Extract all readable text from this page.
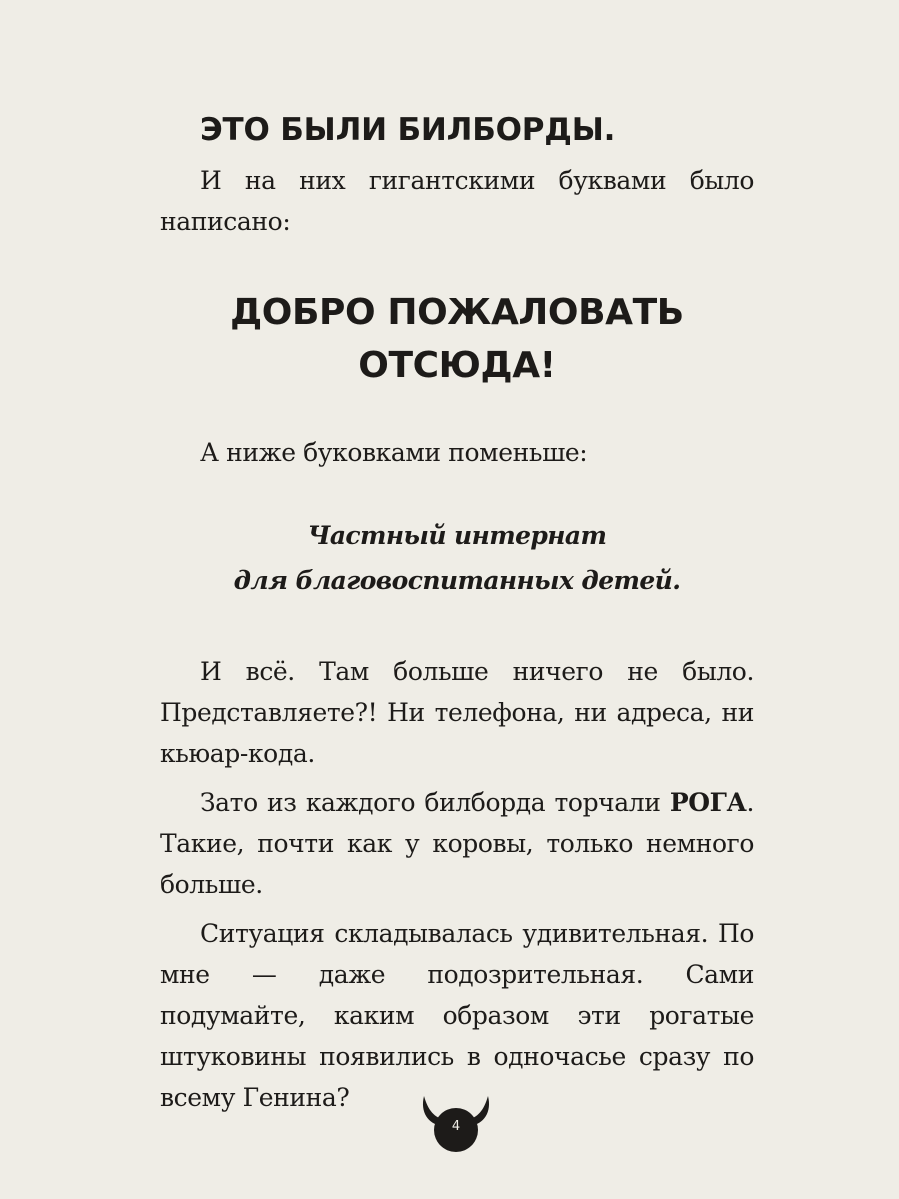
ЭТО БЫЛИ БИЛБОРДЫ.

И на них гигантскими буквами было написано:

ДОБРО ПОЖАЛОВАТЬ
ОТСЮДА!

А ниже буковками поменьше:

Частный интернат
для благовоспитанных детей.

И всё. Там больше ничего не было. Представляете?! Ни телефона, ни адреса, ни кьюар-кода.

Зато из каждого билборда торчали РОГА. Такие, почти как у коровы, только немного больше.

Ситуация складывалась удивительная. По мне — даже подозрительная. Сами подумайте, каким образом эти рогатые штуковины появились в одночасье сразу по всему Генина?

4
